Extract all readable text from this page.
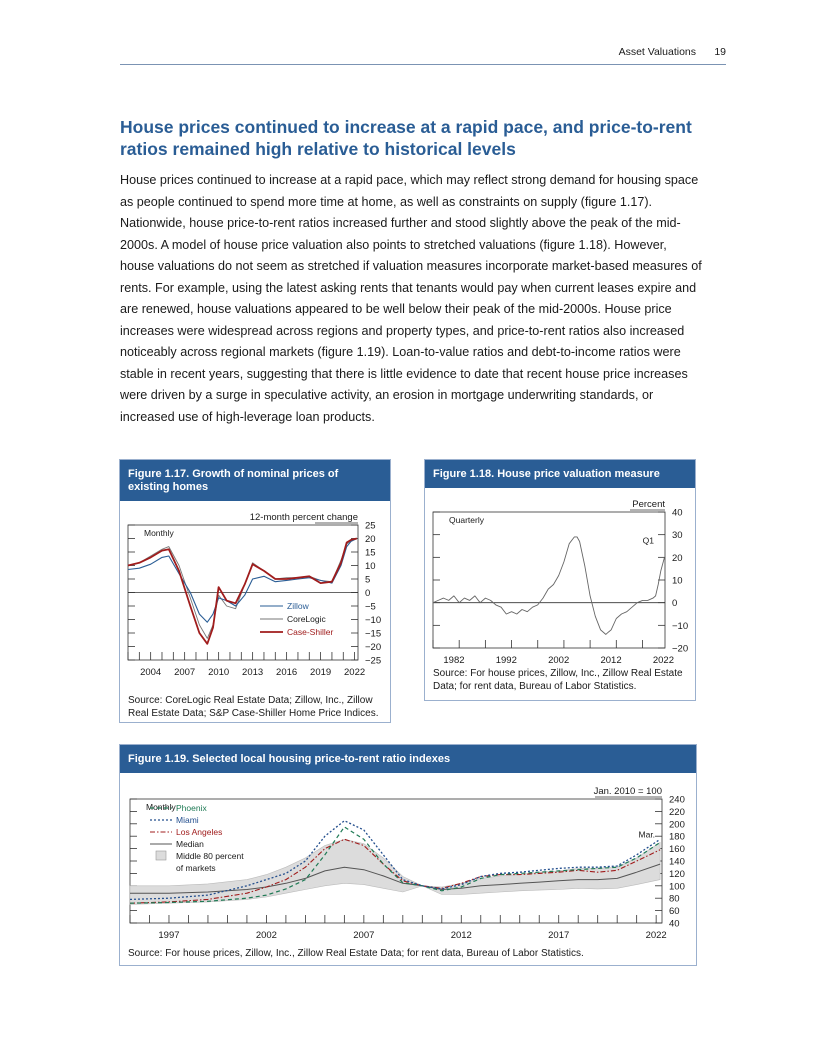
Asset Valuations 19
House prices continued to increase at a rapid pace, and price-to-rent ratios remained high relative to historical levels

House prices continued to increase at a rapid pace, which may reflect strong demand for housing space as people continued to spend more time at home, as well as constraints on supply (figure 1.17). Nationwide, house price-to-rent ratios increased further and stood slightly above the peak of the mid-2000s. A model of house price valuation also points to stretched valuations (figure 1.18). However, house valuations do not seem as stretched if valuation measures incorporate market-based measures of rents. For example, using the latest asking rents that tenants would pay when current leases expire and are renewed, house valuations appeared to be well below their peak of the mid-2000s. House price increases were widespread across regions and property types, and price-to-rent ratios also increased noticeably across regional markets (figure 1.19). Loan-to-value ratios and debt-to-income ratios were stable in recent years, suggesting that there is little evidence to date that recent house price increases were driven by a surge in speculative activity, an erosion in mortgage underwriting standards, or increased use of high-leverage loan products.

Figure 1.17. Growth of nominal prices of existing homes
25
20
15
10
5
0
−5
−10
−15
−20
−25
2004 2007 2010 2013 2016 2019 2022
12-month percent change
Monthly
Zillow
CoreLogic
Case-Shiller
Source: CoreLogic Real Estate Data; Zillow, Inc., Zillow Real Estate Data; S&P Case-Shiller Home Price Indices.
Figure 1.18. House price valuation measure
40
30
20
10
0
−10
−20
1982	1992	2002	2012	2022
Percent
Quarterly
Q1
Source: For house prices, Zillow, Inc., Zillow Real Estate Data; for rent data, Bureau of Labor Statistics.
Figure 1.19. Selected local housing price-to-rent ratio indexes
240
220
200
180
160
140
120
100
80
60
40
1997	2002	2007	2012	2017	2022
Jan. 2010 = 100
Monthly
Mar.
Phoenix
Miami
Los Angeles
Median
Middle 80 percent of markets
Source: For house prices, Zillow, Inc., Zillow Real Estate Data; for rent data, Bureau of Labor Statistics.
